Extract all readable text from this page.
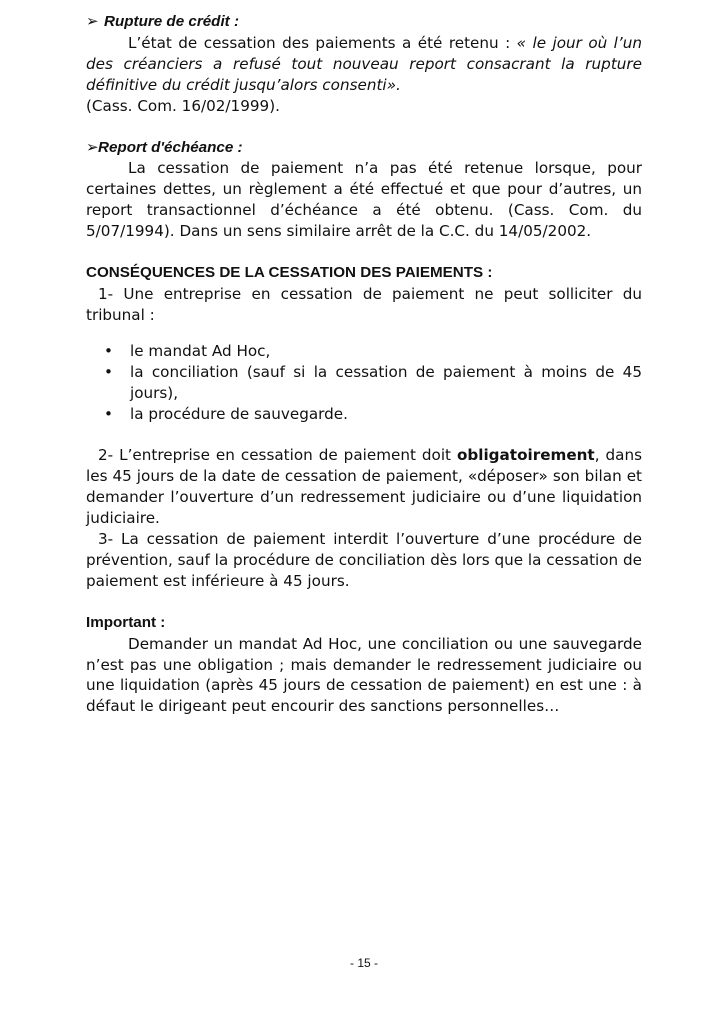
➢ Rupture de crédit :

L’état de cessation des paiements a été retenu : « le jour où l’un des créanciers a refusé tout nouveau report consacrant la rupture définitive du crédit jusqu’alors consenti».

(Cass. Com. 16/02/1999).

➢Report d'échéance :

La cessation de paiement n’a pas été retenue lorsque, pour certaines dettes, un règlement a été effectué et que pour d’autres, un report transactionnel d’échéance a été obtenu. (Cass. Com. du 5/07/1994). Dans un sens similaire arrêt de la C.C. du 14/05/2002.

CONSÉQUENCES DE LA CESSATION DES PAIEMENTS :

1- Une entreprise en cessation de paiement ne peut solliciter du tribunal :

• le mandat Ad Hoc,
• la conciliation (sauf si la cessation de paiement à moins de 45 jours),
• la procédure de sauvegarde.

2- L’entreprise en cessation de paiement doit obligatoirement, dans les 45 jours de la date de cessation de paiement, «déposer» son bilan et demander l’ouverture d’un redressement judiciaire ou d’une liquidation judiciaire.

3- La cessation de paiement interdit l’ouverture d’une procédure de prévention, sauf la procédure de conciliation dès lors que la cessation de paiement est inférieure à 45 jours.

Important :

Demander un mandat Ad Hoc, une conciliation ou une sauvegarde n’est pas une obligation ; mais demander le redressement judiciaire ou une liquidation (après 45 jours de cessation de paiement) en est une : à défaut le dirigeant peut encourir des sanctions personnelles…

- 15 -
